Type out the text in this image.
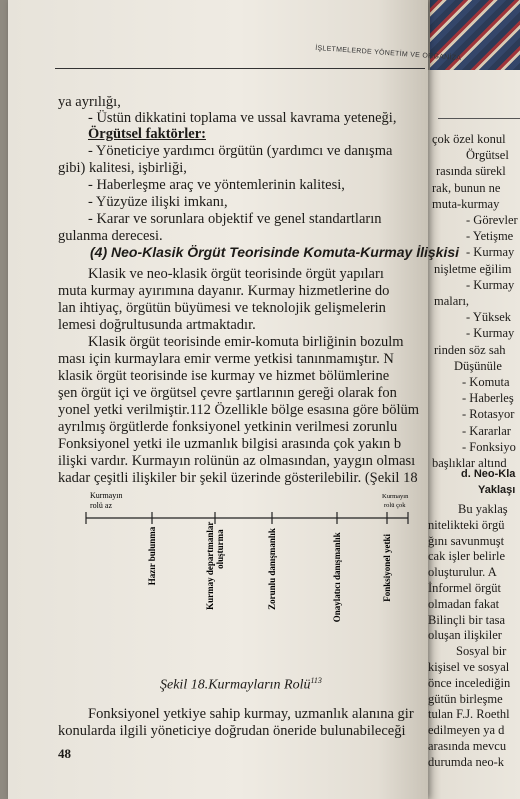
İŞLETMELERDE YÖNETİM VE ORGANİZA
ya ayrılığı,
- Üstün dikkatini toplama ve ussal kavrama yeteneği,
Örgütsel faktörler:
- Yöneticiye yardımcı örgütün (yardımcı ve danışma
gibi) kalitesi, işbirliği,
- Haberleşme araç ve yöntemlerinin kalitesi,
- Yüzyüze ilişki imkanı,
- Karar ve sorunlara objektif ve genel standartların
gulanma derecesi.
(4) Neo-Klasik Örgüt Teorisinde Komuta-Kurmay İlişkisi
Klasik ve neo-klasik örgüt teorisinde örgüt yapıları
muta kurmay ayırımına dayanır. Kurmay hizmetlerine do
lan ihtiyaç, örgütün büyümesi ve teknolojik gelişmelerin
lemesi doğrultusunda artmaktadır.
Klasik örgüt teorisinde emir-komuta birliğinin bozulm
ması için kurmaylara emir verme yetkisi tanınmamıştır. N
klasik örgüt teorisinde ise kurmay ve hizmet bölümlerine
şen örgüt içi ve örgütsel çevre şartlarının gereği olarak fon
yonel yetki verilmiştir.112 Özellikle bölge esasına göre bölüm
ayrılmış örgütlerde fonksiyonel yetkinin verilmesi zorunlu
Fonksiyonel yetki ile uzmanlık bilgisi arasında çok yakın b
ilişki vardır. Kurmayın rolünün az olmasından, yaygın olması
kadar çeşitli ilişkiler bir şekil üzerinde gösterilebilir. (Şekil 18
Kurmayın
rolü az
Kurmayın
rolü çok
Hazır bulunma	Kurmay departmanlar oluşturma	Zorunlu danışmanlık	Onaylatıcı danışmanlık	Fonksiyonel yetki
Şekil 18.Kurmayların Rolü$^{113}$
Fonksiyonel yetkiye sahip kurmay, uzmanlık alanına gir
konularda ilgili yöneticiye doğrudan öneride bulunabileceği
48
çok özel konul
Örgütsel
rasında sürekl
rak, bunun ne
muta-kurmay
- Görevler
- Yetişme
- Kurmay
nişletme eğilim
- Kurmay
maları,
- Yüksek
- Kurmay
rinden söz sah
Düşünüle
- Komuta
- Haberleş
- Rotasyor
- Kararlar
- Fonksiyo
başlıklar altınd
d. Neo-Kla
Yaklaşı
Bu yaklaş
nitelikteki örgü
ğını savunmuşt
cak işler belirle
oluşturulur. A
İnformel örgüt
olmadan fakat
Bilinçli bir tasa
oluşan ilişkiler
Sosyal bir
kişisel ve sosyal
önce incelediğin
gütün birleşme
tulan F.J. Roethl
edilmeyen ya d
arasında mevcu
durumda neo-k
